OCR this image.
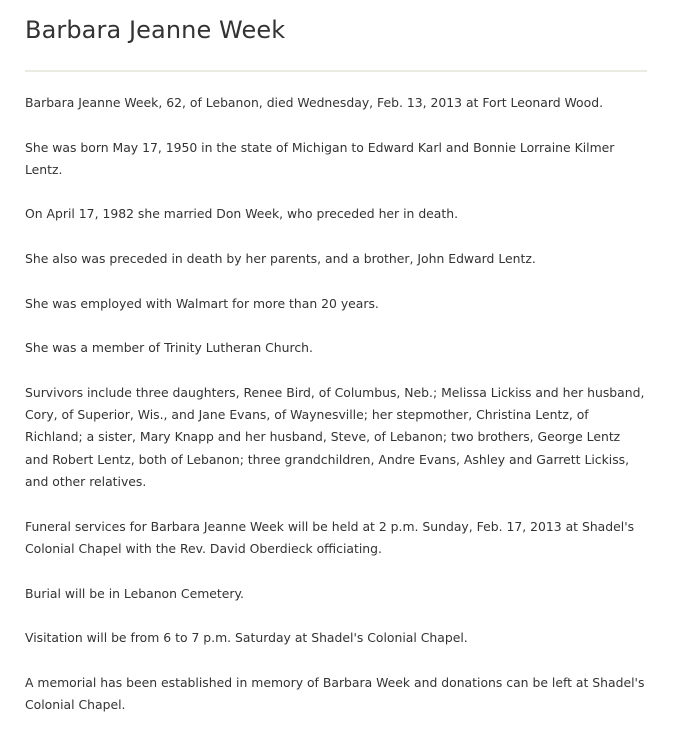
Barbara Jeanne Week

Barbara Jeanne Week, 62, of Lebanon, died Wednesday, Feb. 13, 2013 at Fort Leonard Wood.

She was born May 17, 1950 in the state of Michigan to Edward Karl and Bonnie Lorraine Kilmer Lentz.

On April 17, 1982 she married Don Week, who preceded her in death.

She also was preceded in death by her parents, and a brother, John Edward Lentz.

She was employed with Walmart for more than 20 years.

She was a member of Trinity Lutheran Church.

Survivors include three daughters, Renee Bird, of Columbus, Neb.; Melissa Lickiss and her husband, Cory, of Superior, Wis., and Jane Evans, of Waynesville; her stepmother, Christina Lentz, of Richland; a sister, Mary Knapp and her husband, Steve, of Lebanon; two brothers, George Lentz and Robert Lentz, both of Lebanon; three grandchildren, Andre Evans, Ashley and Garrett Lickiss, and other relatives.

Funeral services for Barbara Jeanne Week will be held at 2 p.m. Sunday, Feb. 17, 2013 at Shadel's Colonial Chapel with the Rev. David Oberdieck officiating.

Burial will be in Lebanon Cemetery.

Visitation will be from 6 to 7 p.m. Saturday at Shadel's Colonial Chapel.

A memorial has been established in memory of Barbara Week and donations can be left at Shadel's Colonial Chapel.
